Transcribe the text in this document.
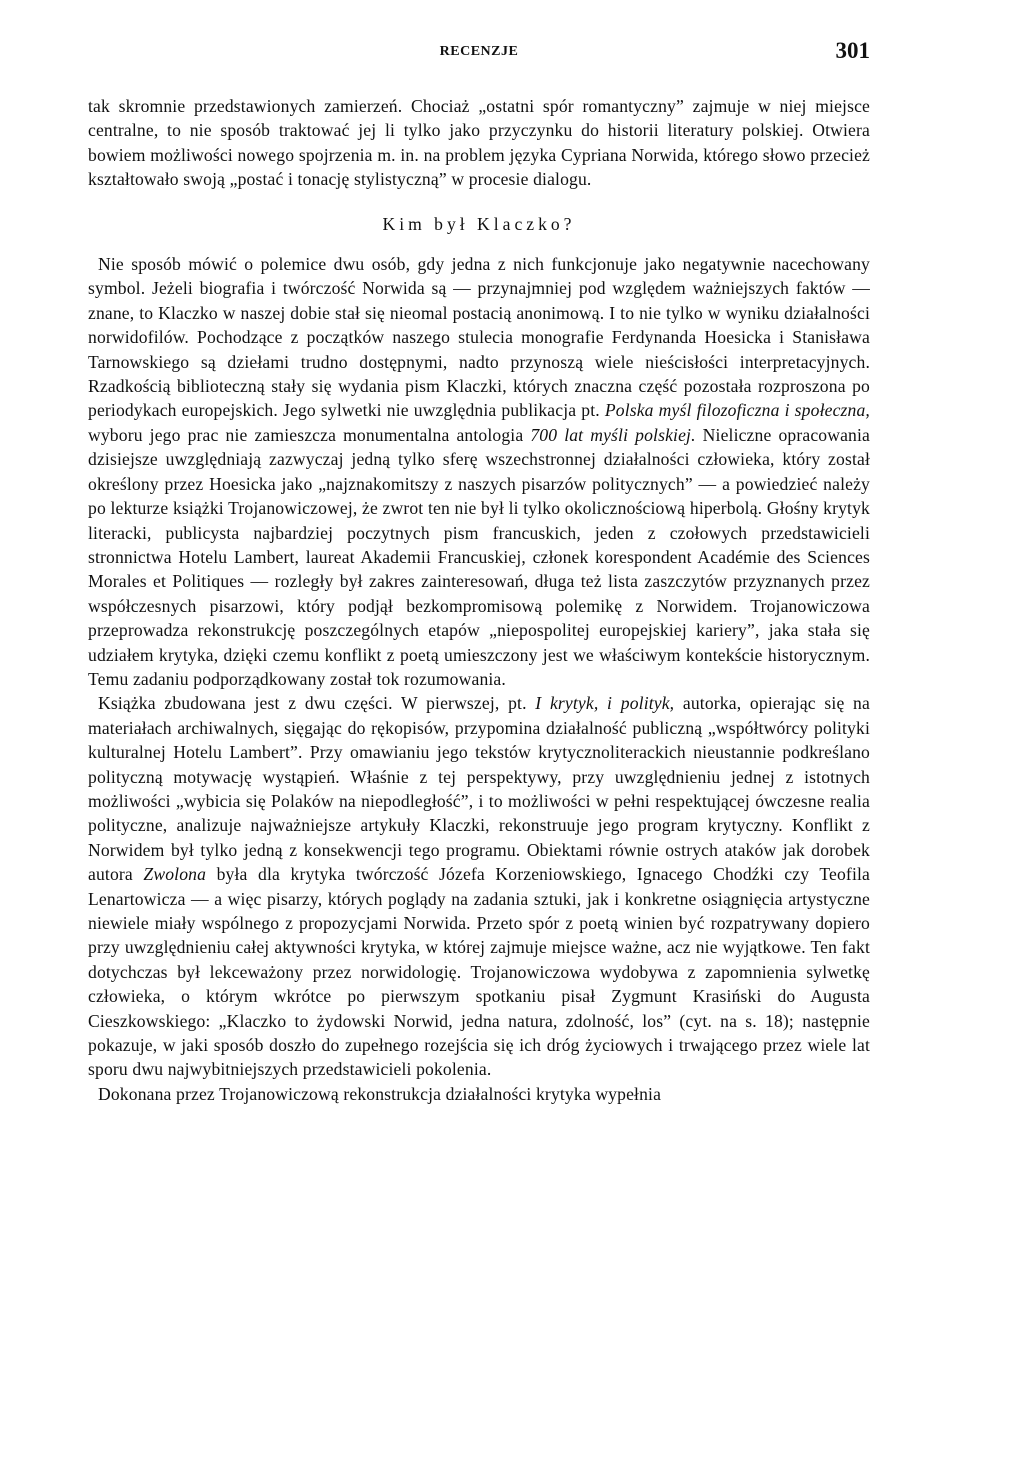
RECENZJE	301

tak skromnie przedstawionych zamierzeń. Chociaż „ostatni spór romantyczny” zajmuje w niej miejsce centralne, to nie sposób traktować jej li tylko jako przyczynku do historii literatury polskiej. Otwiera bowiem możliwości nowego spojrzenia m. in. na problem języka Cypriana Norwida, którego słowo przecież kształtowało swoją „postać i tonację stylistyczną” w procesie dialogu.

Kim był Klaczko?

Nie sposób mówić o polemice dwu osób, gdy jedna z nich funkcjonuje jako negatywnie nacechowany symbol. Jeżeli biografia i twórczość Norwida są — przynajmniej pod względem ważniejszych faktów — znane, to Klaczko w naszej dobie stał się nieomal postacią anonimową. I to nie tylko w wyniku działalności norwidofilów. Pochodzące z początków naszego stulecia monografie Ferdynanda Hoesicka i Stanisława Tarnowskiego są dziełami trudno dostępnymi, nadto przynoszą wiele nieścisłości interpretacyjnych. Rzadkością biblioteczną stały się wydania pism Klaczki, których znaczna część pozostała rozproszona po periodykach europejskich. Jego sylwetki nie uwzględnia publikacja pt. Polska myśl filozoficzna i społeczna, wyboru jego prac nie zamieszcza monumentalna antologia 700 lat myśli polskiej. Nieliczne opracowania dzisiejsze uwzględniają zazwyczaj jedną tylko sferę wszechstronnej działalności człowieka, który został określony przez Hoesicka jako „najznakomitszy z naszych pisarzów politycznych” — a powiedzieć należy po lekturze książki Trojanowiczowej, że zwrot ten nie był li tylko okolicznościową hiperbolą. Głośny krytyk literacki, publicysta najbardziej poczytnych pism francuskich, jeden z czołowych przedstawicieli stronnictwa Hotelu Lambert, laureat Akademii Francuskiej, członek korespondent Académie des Sciences Morales et Politiques — rozległy był zakres zainteresowań, długa też lista zaszczytów przyznanych przez współczesnych pisarzowi, który podjął bezkompromisową polemikę z Norwidem. Trojanowiczowa przeprowadza rekonstrukcję poszczególnych etapów „niepospolitej europejskiej kariery”, jaka stała się udziałem krytyka, dzięki czemu konflikt z poetą umieszczony jest we właściwym kontekście historycznym. Temu zadaniu podporządkowany został tok rozumowania.

Książka zbudowana jest z dwu części. W pierwszej, pt. I krytyk, i polityk, autorka, opierając się na materiałach archiwalnych, sięgając do rękopisów, przypomina działalność publiczną „współtwórcy polityki kulturalnej Hotelu Lambert”. Przy omawianiu jego tekstów krytycznoliterackich nieustannie podkreślano polityczną motywację wystąpień. Właśnie z tej perspektywy, przy uwzględnieniu jednej z istotnych możliwości „wybicia się Polaków na niepodległość”, i to możliwości w pełni respektującej ówczesne realia polityczne, analizuje najważniejsze artykuły Klaczki, rekonstruuje jego program krytyczny. Konflikt z Norwidem był tylko jedną z konsekwencji tego programu. Obiektami równie ostrych ataków jak dorobek autora Zwolona była dla krytyka twórczość Józefa Korzeniowskiego, Ignacego Chodźki czy Teofila Lenartowicza — a więc pisarzy, których poglądy na zadania sztuki, jak i konkretne osiągnięcia artystyczne niewiele miały wspólnego z propozycjami Norwida. Przeto spór z poetą winien być rozpatrywany dopiero przy uwzględnieniu całej aktywności krytyka, w której zajmuje miejsce ważne, acz nie wyjątkowe. Ten fakt dotychczas był lekceważony przez norwidologię. Trojanowiczowa wydobywa z zapomnienia sylwetkę człowieka, o którym wkrótce po pierwszym spotkaniu pisał Zygmunt Krasiński do Augusta Cieszkowskiego: „Klaczko to żydowski Norwid, jedna natura, zdolność, los” (cyt. na s. 18); następnie pokazuje, w jaki sposób doszło do zupełnego rozejścia się ich dróg życiowych i trwającego przez wiele lat sporu dwu najwybitniejszych przedstawicieli pokolenia.

Dokonana przez Trojanowiczową rekonstrukcja działalności krytyka wypełnia
